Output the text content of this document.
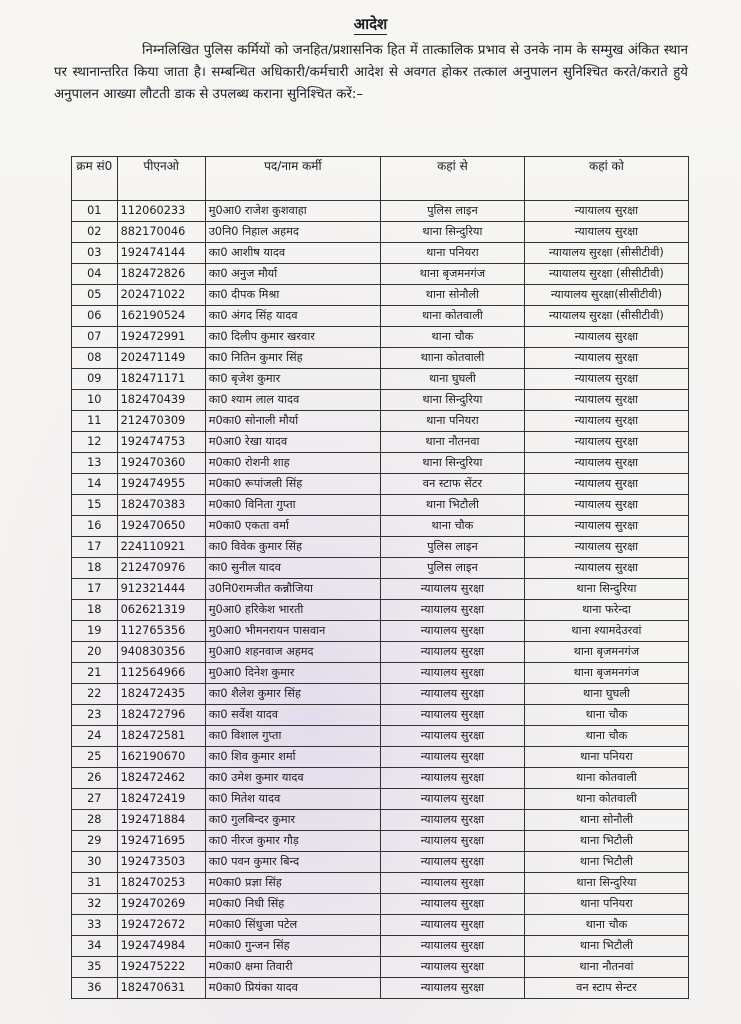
आदेश
निम्नलिखित पुलिस कर्मियों को जनहित/प्रशासनिक हित में तात्कालिक प्रभाव से उनके नाम के सम्मुख अंकित स्थान पर स्थानान्तरित किया जाता है। सम्बन्धित अधिकारी/कर्मचारी आदेश से अवगत होकर तत्काल अनुपालन सुनिश्चित करते/कराते हुये अनुपालन आख्या लौटती डाक से उपलब्ध कराना सुनिश्चित करें:–
क्रम सं0	पीएनओ	पद/नाम कर्मी	कहां से	कहां को
01	112060233	मु0आ0 राजेश कुशवाहा	पुलिस लाइन	न्यायालय सुरक्षा
02	882170046	उ0नि0 निहाल अहमद	थाना सिन्दुरिया	न्यायालय सुरक्षा
03	192474144	का0 आशीष यादव	थाना पनियरा	न्यायालय सुरक्षा (सीसीटीवी)
04	182472826	का0 अनुज मौर्या	थाना बृजमनगंज	न्यायालय सुरक्षा (सीसीटीवी)
05	202471022	का0 दीपक मिश्रा	थाना सोनौली	न्यायालय सुरक्षा(सीसीटीवी)
06	162190524	का0 अंगद सिंह यादव	थाना कोतवाली	न्यायालय सुरक्षा (सीसीटीवी)
07	192472991	का0 दिलीप कुमार खरवार	थाना चौक	न्यायालय सुरक्षा
08	202471149	का0 नितिन कुमार सिंह	थााना कोतवाली	न्यायालय सुरक्षा
09	182471171	का0 बृजेश कुमार	थाना घुघली	न्यायालय सुरक्षा
10	182470439	का0 श्याम लाल यादव	थाना सिन्दुरिया	न्यायालय सुरक्षा
11	212470309	म0का0 सोनाली मौर्या	थाना पनियरा	न्यायालय सुरक्षा
12	192474753	म0आ0 रेखा यादव	थाना नौतनवा	न्यायालय सुरक्षा
13	192470360	म0का0 रोशनी शाह	थाना सिन्दुरिया	न्यायालय सुरक्षा
14	192474955	म0का0 रूपांजली सिंह	वन स्टाफ सेंटर	न्यायालय सुरक्षा
15	182470383	म0का0 विनिता गुप्ता	थाना भिटौली	न्यायालय सुरक्षा
16	192470650	म0का0 एकता वर्मा	थाना चौक	न्यायालय सुरक्षा
17	224110921	का0 विवेक कुमार सिंह	पुलिस लाइन	न्यायालय सुरक्षा
18	212470976	का0 सुनील यादव	पुलिस लाइन	न्यायालय सुरक्षा
17	912321444	उ0नि0रामजीत कन्नौजिया	न्यायालय सुरक्षा	थाना सिन्दुरिया
18	062621319	मु0आ0 हरिकेश भारती	न्यायालय सुरक्षा	थाना फरेन्दा
19	112765356	मु0आ0 भीमनरायन पासवान	न्यायालय सुरक्षा	थाना श्यामदेउरवां
20	940830356	मु0आ0 शहनवाज अहमद	न्यायालय सुरक्षा	थाना बृजमनगंज
21	112564966	मु0आ0 दिनेश कुमार	न्यायालय सुरक्षा	थाना बृजमनगंज
22	182472435	का0 शैलेश कुमार सिंह	न्यायालय सुरक्षा	थाना घुघली
23	182472796	का0 सर्वेश यादव	न्यायालय सुरक्षा	थाना चौक
24	182472581	का0 विशाल गुप्ता	न्यायालय सुरक्षा	थाना चौक
25	162190670	का0 शिव कुमार शर्मा	न्यायालय सुरक्षा	थाना पनियरा
26	182472462	का0 उमेश कुमार यादव	न्यायालय सुरक्षा	थाना कोतवाली
27	182472419	का0 मितेश यादव	न्यायालय सुरक्षा	थाना कोतवाली
28	192471884	का0 गुलबिन्दर कुमार	न्यायालय सुरक्षा	थाना सोनौली
29	192471695	का0 नीरज कुमार गौड़	न्यायालय सुरक्षा	थाना भिटौली
30	192473503	का0 पवन कुमार बिन्द	न्यायालय सुरक्षा	थाना भिटौली
31	182470253	म0का0 प्रज्ञा सिंह	न्यायालय सुरक्षा	थाना सिन्दुरिया
32	192470269	म0का0 निधी सिंह	न्यायालय सुरक्षा	थाना पनियरा
33	192472672	म0का0 सिंधुजा पटेल	न्यायालय सुरक्षा	थाना चौक
34	192474984	म0का0 गुन्जन सिंह	न्यायालय सुरक्षा	थाना भिटौली
35	192475222	म0का0 क्षमा तिवारी	न्यायालय सुरक्षा	थाना नौतनवां
36	182470631	म0का0 प्रियंका यादव	न्यायालय सुरक्षा	वन स्टाप सेन्टर
